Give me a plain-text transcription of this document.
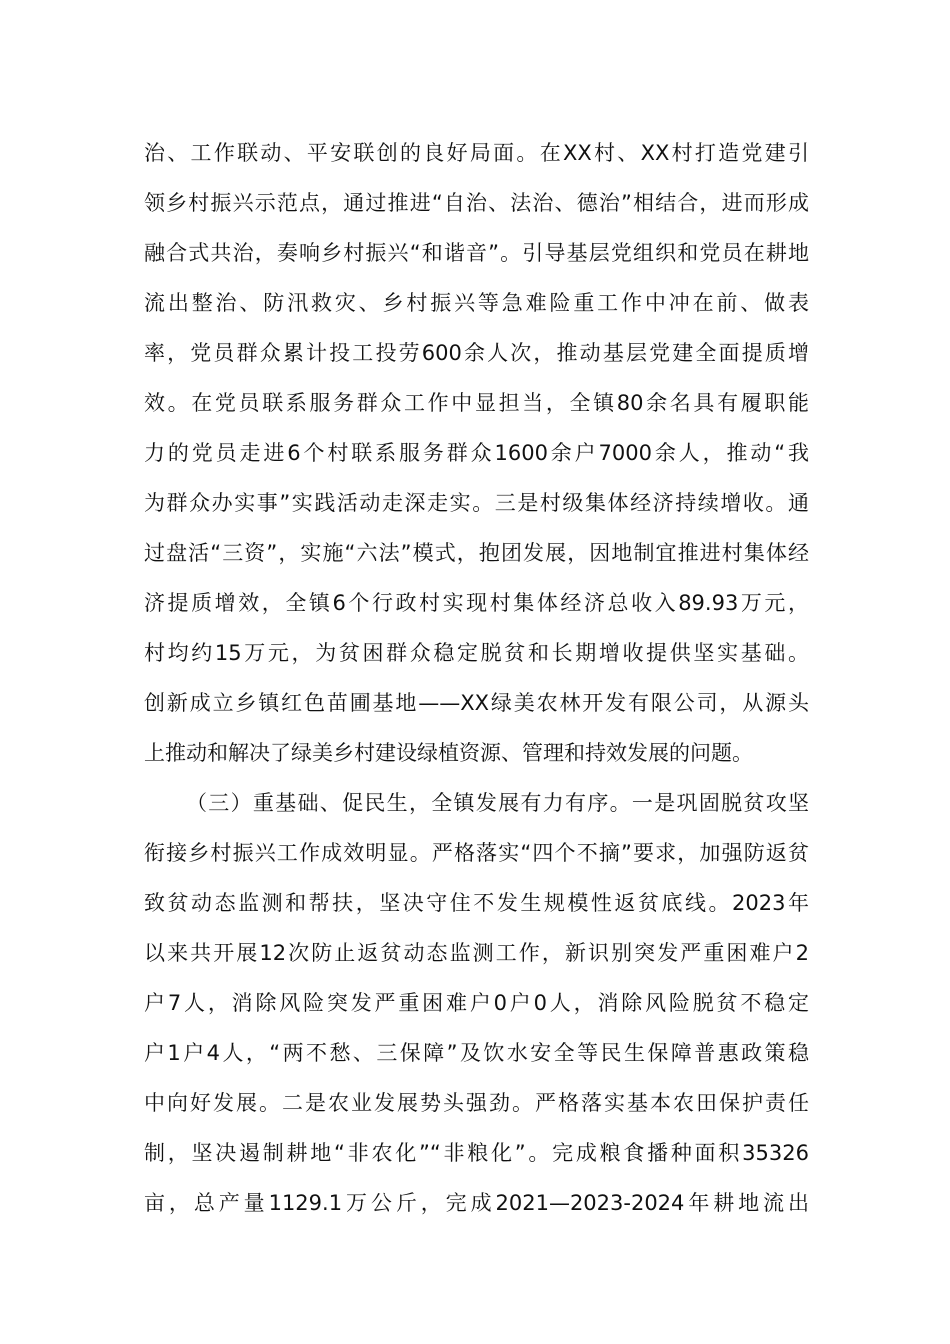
治、工作联动、平安联创的良好局面。在XX村、XX村打造党建引
领乡村振兴示范点，通过推进“自治、法治、德治”相结合，进而形成
融合式共治，奏响乡村振兴“和谐音”。引导基层党组织和党员在耕地
流出整治、防汛救灾、乡村振兴等急难险重工作中冲在前、做表
率，党员群众累计投工投劳600余人次，推动基层党建全面提质增
效。在党员联系服务群众工作中显担当，全镇80余名具有履职能
力的党员走进6个村联系服务群众1600余户7000余人，推动“我
为群众办实事”实践活动走深走实。三是村级集体经济持续增收。通
过盘活“三资”，实施“六法”模式，抱团发展，因地制宜推进村集体经
济提质增效，全镇6个行政村实现村集体经济总收入89.93万元，
村均约15万元，为贫困群众稳定脱贫和长期增收提供坚实基础。
创新成立乡镇红色苗圃基地——XX绿美农林开发有限公司，从源头
上推动和解决了绿美乡村建设绿植资源、管理和持效发展的问题。
（三）重基础、促民生，全镇发展有力有序。一是巩固脱贫攻坚
衔接乡村振兴工作成效明显。严格落实“四个不摘”要求，加强防返贫
致贫动态监测和帮扶，坚决守住不发生规模性返贫底线。2023年
以来共开展12次防止返贫动态监测工作，新识别突发严重困难户2
户7人，消除风险突发严重困难户0户0人，消除风险脱贫不稳定
户1户4人，“两不愁、三保障”及饮水安全等民生保障普惠政策稳
中向好发展。二是农业发展势头强劲。严格落实基本农田保护责任
制，坚决遏制耕地“非农化”“非粮化”。完成粮食播种面积35326
亩，总产量1129.1万公斤，完成2021—2023-2024年耕地流出
